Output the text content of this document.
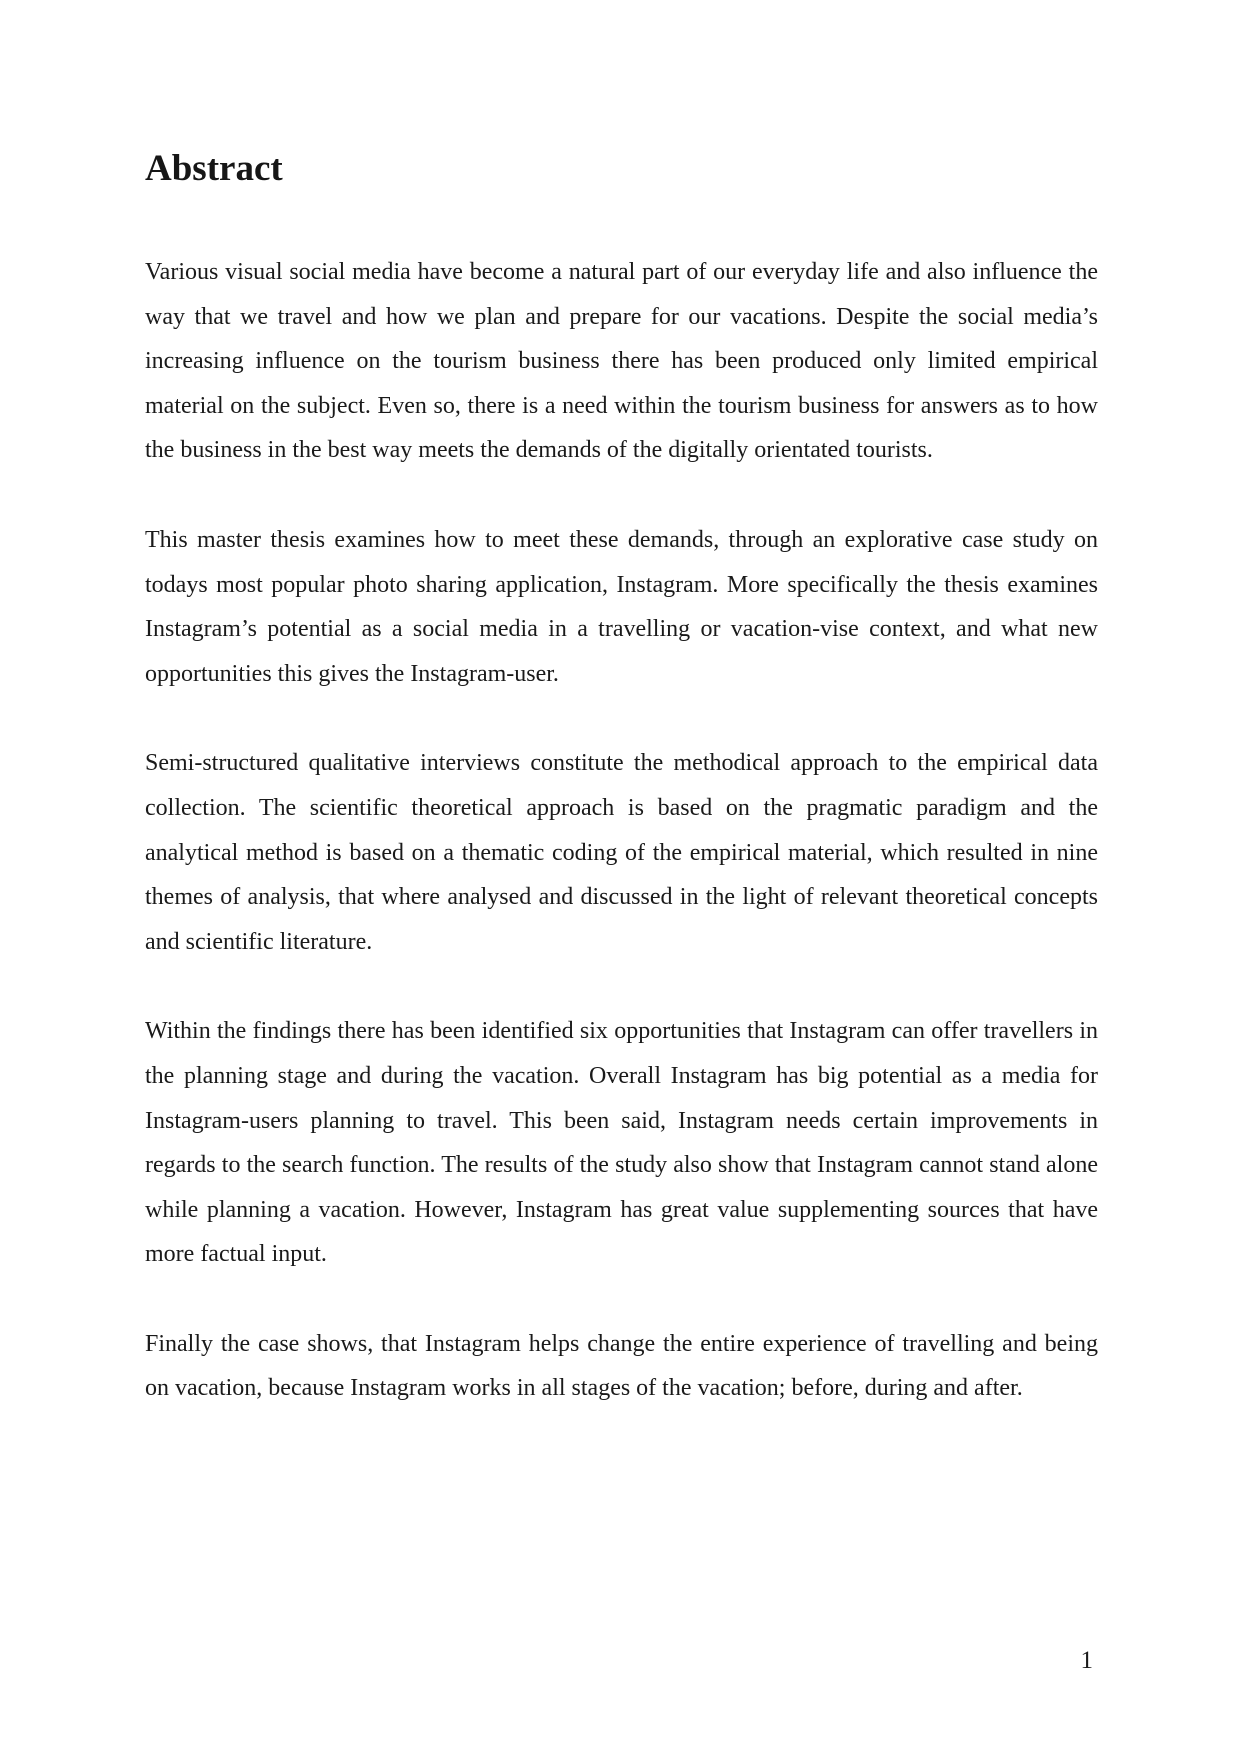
Abstract

Various visual social media have become a natural part of our everyday life and also influence the way that we travel and how we plan and prepare for our vacations. Despite the social media’s increasing influence on the tourism business there has been produced only limited empirical material on the subject. Even so, there is a need within the tourism business for answers as to how the business in the best way meets the demands of the digitally orientated tourists.

This master thesis examines how to meet these demands, through an explorative case study on todays most popular photo sharing application, Instagram. More specifically the thesis examines Instagram’s potential as a social media in a travelling or vacation-vise context, and what new opportunities this gives the Instagram-user.

Semi-structured qualitative interviews constitute the methodical approach to the empirical data collection. The scientific theoretical approach is based on the pragmatic paradigm and the analytical method is based on a thematic coding of the empirical material, which resulted in nine themes of analysis, that where analysed and discussed in the light of relevant theoretical concepts and scientific literature.

Within the findings there has been identified six opportunities that Instagram can offer travellers in the planning stage and during the vacation. Overall Instagram has big potential as a media for Instagram-users planning to travel. This been said, Instagram needs certain improvements in regards to the search function. The results of the study also show that Instagram cannot stand alone while planning a vacation. However, Instagram has great value supplementing sources that have more factual input.

Finally the case shows, that Instagram helps change the entire experience of travelling and being on vacation, because Instagram works in all stages of the vacation; before, during and after.

1
